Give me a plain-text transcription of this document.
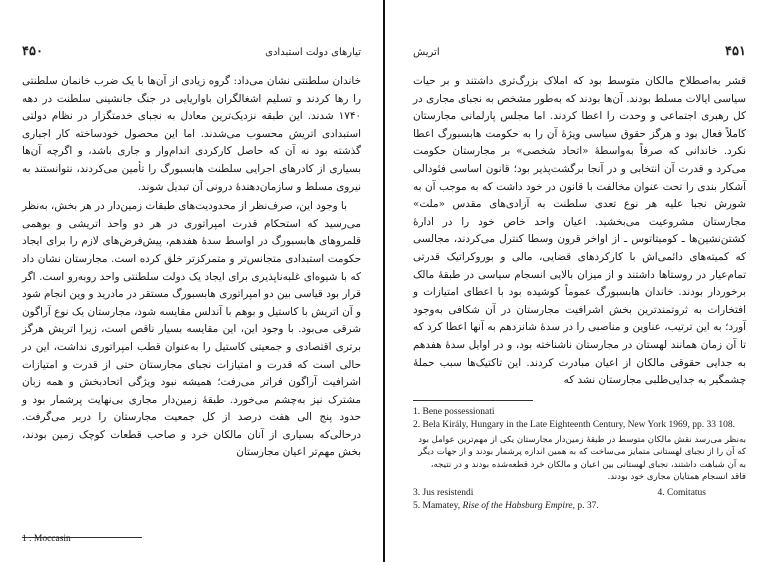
۴۵۰	تیارهای دولت استبدادی

خاندان سلطنتی نشان می‌داد: گروه زیادی از آن‌ها با یک ضرب خانمان سلطنتی را رها کردند و تسلیم اشغالگران باواریایی در جنگ جانشینی سلطنت در دهه ۱۷۴۰ شدند. این طبقه نزدیک‌ترین معادل به نجبای خدمتگزار در نظام دولتی استبدادی اتریش محسوب می‌شدند. اما این محصول خودساخته کار اجباری گذشته بود نه آن که حاصل کارکردی اندام‌وار و جاری باشد، و اگرچه آن‌ها بسیاری از کادرهای اجرایی سلطنت هابسبورگ را تأمین می‌کردند، نتوانستند به نیروی مسلط و سازمان‌دهندهٔ درونی آن تبدیل شوند.

با وجود این، صرف‌نظر از محدودیت‌های طبقات زمین‌دار در هر بخش، به‌نظر می‌رسید که استحکام قدرت امپراتوری در هر دو واحد اتریشی و بوهمی قلمروهای هابسبورگ در اواسط سدهٔ هفدهم، پیش‌فرض‌های لازم را برای ایجاد حکومت استبدادی متجانس‌تر و متمرکزتر خلق کرده است. مجارستان نشان داد که با شیوه‌ای غلبه‌ناپذیری برای ایجاد یک دولت سلطنتی واحد روبه‌رو است. اگر قرار بود قیاسی بین دو امپراتوری هابسبورگ مستقر در مادرید و وین انجام شود و آن اتریش با کاستیل و بوهم با آندلس مقایسه شود، مجارستان یک نوع آراگون شرقی می‌بود. با وجود این، این مقایسه بسیار ناقص است، زیرا اتریش هرگز برتری اقتصادی و جمعیتی کاستیل را به‌عنوان قطب امپراتوری نداشت، این در حالی است که قدرت و امتیازات نجبای مجارستان حتی از قدرت و امتیازات اشرافیت آراگون فراتر می‌رفت؛ همیشه نبود ویژگی اتحادبخش و همه زبان مشترک نیز به‌چشم می‌خورد. طبقهٔ زمین‌دار مجاری بی‌نهایت پرشمار بود و حدود پنج الی هفت درصد از کل جمعیت مجارستان را دربر می‌گرفت. درحالی‌که بسیاری از آنان مالکان خرد و صاحب قطعات کوچک زمین بودند، بخش مهم‌تر اعیان مجارستان

1 . Moccasin
اتریش	۴۵۱

قشر به‌اصطلاح مالکان متوسط بود که املاک بزرگ‌تری داشتند و بر حیات سیاسی ایالات مسلط بودند. آن‌ها بودند که به‌طور مشخص به نجبای مجاری در کل رهبری اجتماعی و وحدت را اعطا کردند. اما مجلس پارلمانی مجارستان کاملاً فعال بود و هرگز حقوق سیاسی ویژهٔ آن را به حکومت هابسبورگ اعطا نکرد. خاندانی که صرفاً به‌واسطهٔ «اتحاد شخصی» بر مجارستان حکومت می‌کرد و قدرت آن انتخابی و در آنجا برگشت‌پذیر بود؛ قانون اساسی فئودالی آشکار بندی را تحت عنوان مخالفت با قانون در خود داشت که به موجب آن به شورش نجبا علیه هر نوع تعدی سلطنت به آزادی‌های مقدس «ملت» مجارستان مشروعیت می‌بخشید. اعیان واحد خاص خود را در ادارهٔ کشتن‌نشین‌ها ـ کومیتاتوس ـ از اواخر قرون وسطا کنترل می‌کردند، مجالسی که کمیته‌های دائمی‌اش با کارکردهای قضایی، مالی و بوروکراتیک قدرتی تمام‌عیار در روستاها داشتند و از میزان بالایی انسجام سیاسی در طبقهٔ مالک برخوردار بودند. خاندان هابسبورگ عموماً کوشیده بود با اعطای امتیازات و افتخارات به ثروتمندترین بخش اشرافیت مجارستان در آن شکافی به‌وجود آورد؛ به این ترتیب، عناوین و مناصبی را در سدهٔ شانزدهم به آنها اعطا کرد که تا آن زمان همانند لهستان در مجارستان ناشناخته بود، و در اوایل سدهٔ هفدهم به جدایی حقوقی مالکان از اعیان مبادرت کردند. این تاکتیک‌ها سبب حملهٔ چشمگیر به جدایی‌طلبی مجارستان نشد که

1. Bene possessionati
2. Bela Király, Hungary in the Late Eighteenth Century, New York 1969, pp. 33 108.
به‌نظر می‌رسد نقش مالکان متوسط در طبقهٔ زمین‌دار مجارستان یکی از مهم‌ترین عوامل بود که آن را از نجبای لهستانی متمایز می‌ساخت که به همین اندازه پرشمار بودند و از جهات دیگر به آن شباهت داشتند، نجبای لهستانی بین اعیان و مالکان خرد قطعه‌شده بودند و در نتیجه، فاقد انسجام همتایان مجاری خود بودند.
3. Jus resistendi	4. Comitatus
5. Mamatey, Rise of the Habsburg Empire, p. 37.
